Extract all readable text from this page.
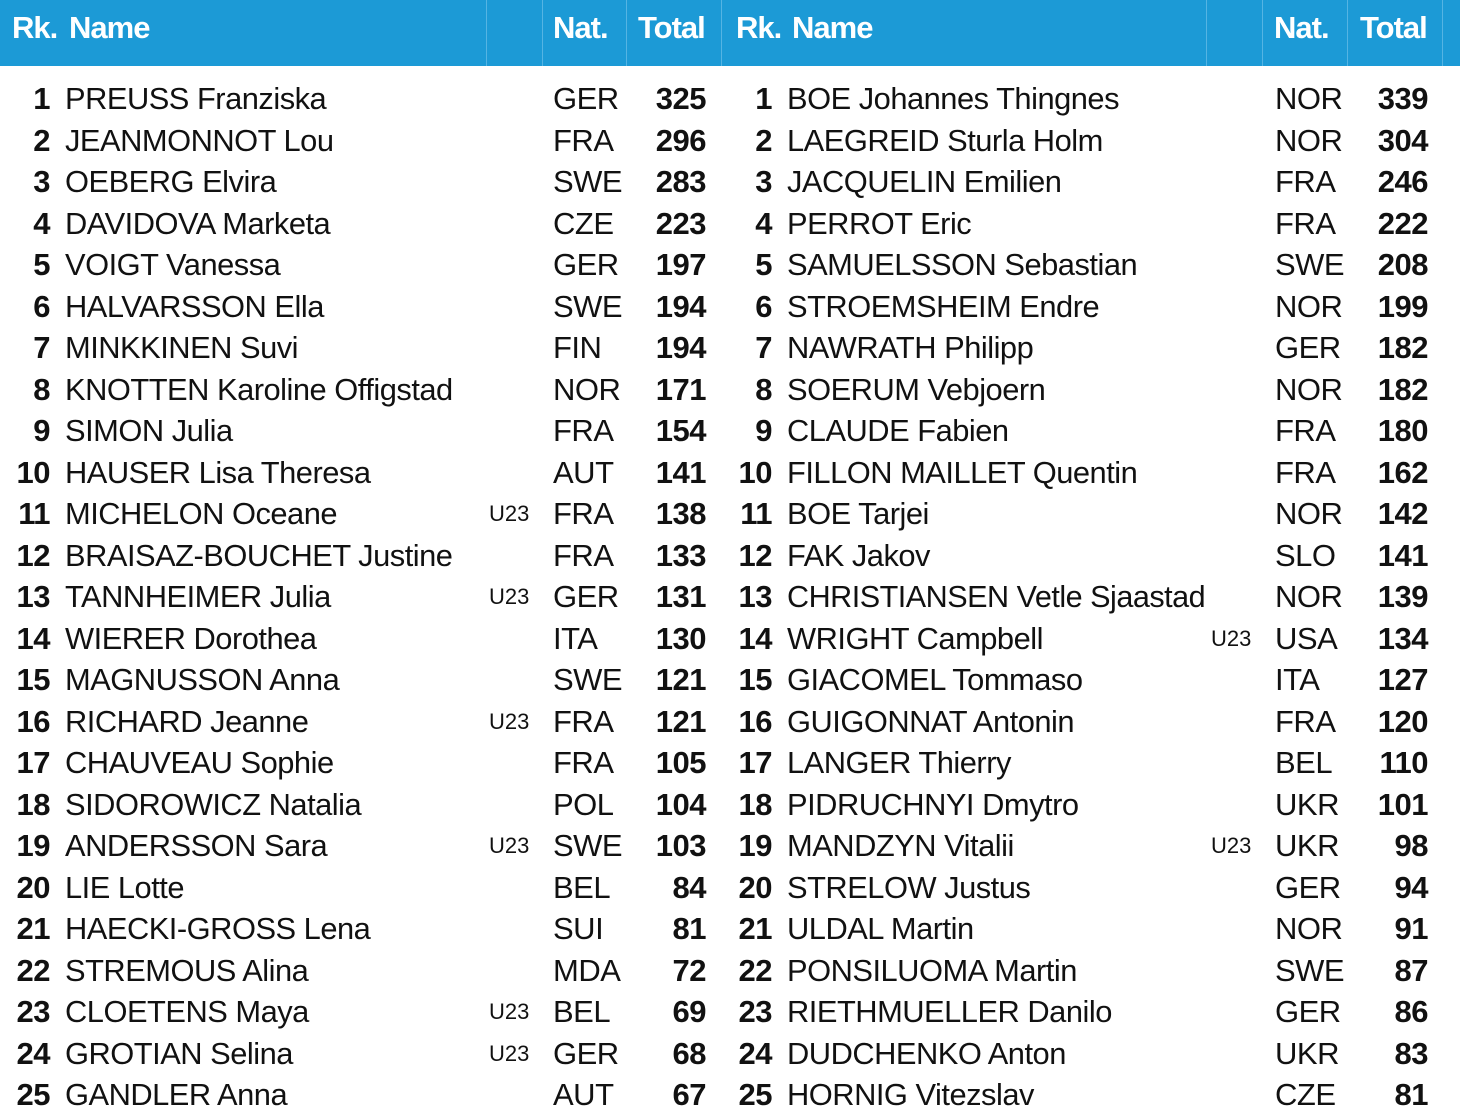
Rk. Name	Nat. Total Rk. Name	Nat. Total
1 PREUSS Franziska	GER	325
2 JEANMONNOT Lou	FRA	296
3 OEBERG Elvira	SWE	283
4 DAVIDOVA Marketa	CZE	223
5 VOIGT Vanessa	GER	197
6 HALVARSSON Ella	SWE	194
7 MINKKINEN Suvi	FIN	194
8 KNOTTEN Karoline Offigstad	NOR	171
9 SIMON Julia	FRA	154
10 HAUSER Lisa Theresa	AUT	141
11 MICHELON Oceane	U23 FRA	138
12 BRAISAZ-BOUCHET Justine	FRA	133
13 TANNHEIMER Julia	U23 GER	131
14 WIERER Dorothea	ITA	130
15 MAGNUSSON Anna	SWE	121
16 RICHARD Jeanne	U23 FRA	121
17 CHAUVEAU Sophie	FRA	105
18 SIDOROWICZ Natalia	POL	104
19 ANDERSSON Sara	U23 SWE	103
20 LIE Lotte	BEL	84
21 HAECKI-GROSS Lena	SUI	81
22 STREMOUS Alina	MDA	72
23 CLOETENS Maya	U23 BEL	69
24 GROTIAN Selina	U23 GER	68
25 GANDLER Anna	AUT	67
1 BOE Johannes Thingnes	NOR	339
2 LAEGREID Sturla Holm	NOR	304
3 JACQUELIN Emilien	FRA	246
4 PERROT Eric	FRA	222
5 SAMUELSSON Sebastian	SWE	208
6 STROEMSHEIM Endre	NOR	199
7 NAWRATH Philipp	GER	182
8 SOERUM Vebjoern	NOR	182
9 CLAUDE Fabien	FRA	180
10 FILLON MAILLET Quentin	FRA	162
11 BOE Tarjei	NOR	142
12 FAK Jakov	SLO	141
13 CHRISTIANSEN Vetle Sjaastad NOR	139
14 WRIGHT Campbell	U23 USA	134
15 GIACOMEL Tommaso	ITA	127
16 GUIGONNAT Antonin	FRA	120
17 LANGER Thierry	BEL	110
18 PIDRUCHNYI Dmytro	UKR	101
19 MANDZYN Vitalii	U23 UKR	98
20 STRELOW Justus	GER	94
21 ULDAL Martin	NOR	91
22 PONSILUOMA Martin	SWE	87
23 RIETHMUELLER Danilo	GER	86
24 DUDCHENKO Anton	UKR	83
25 HORNIG Vitezslav	CZE	81
